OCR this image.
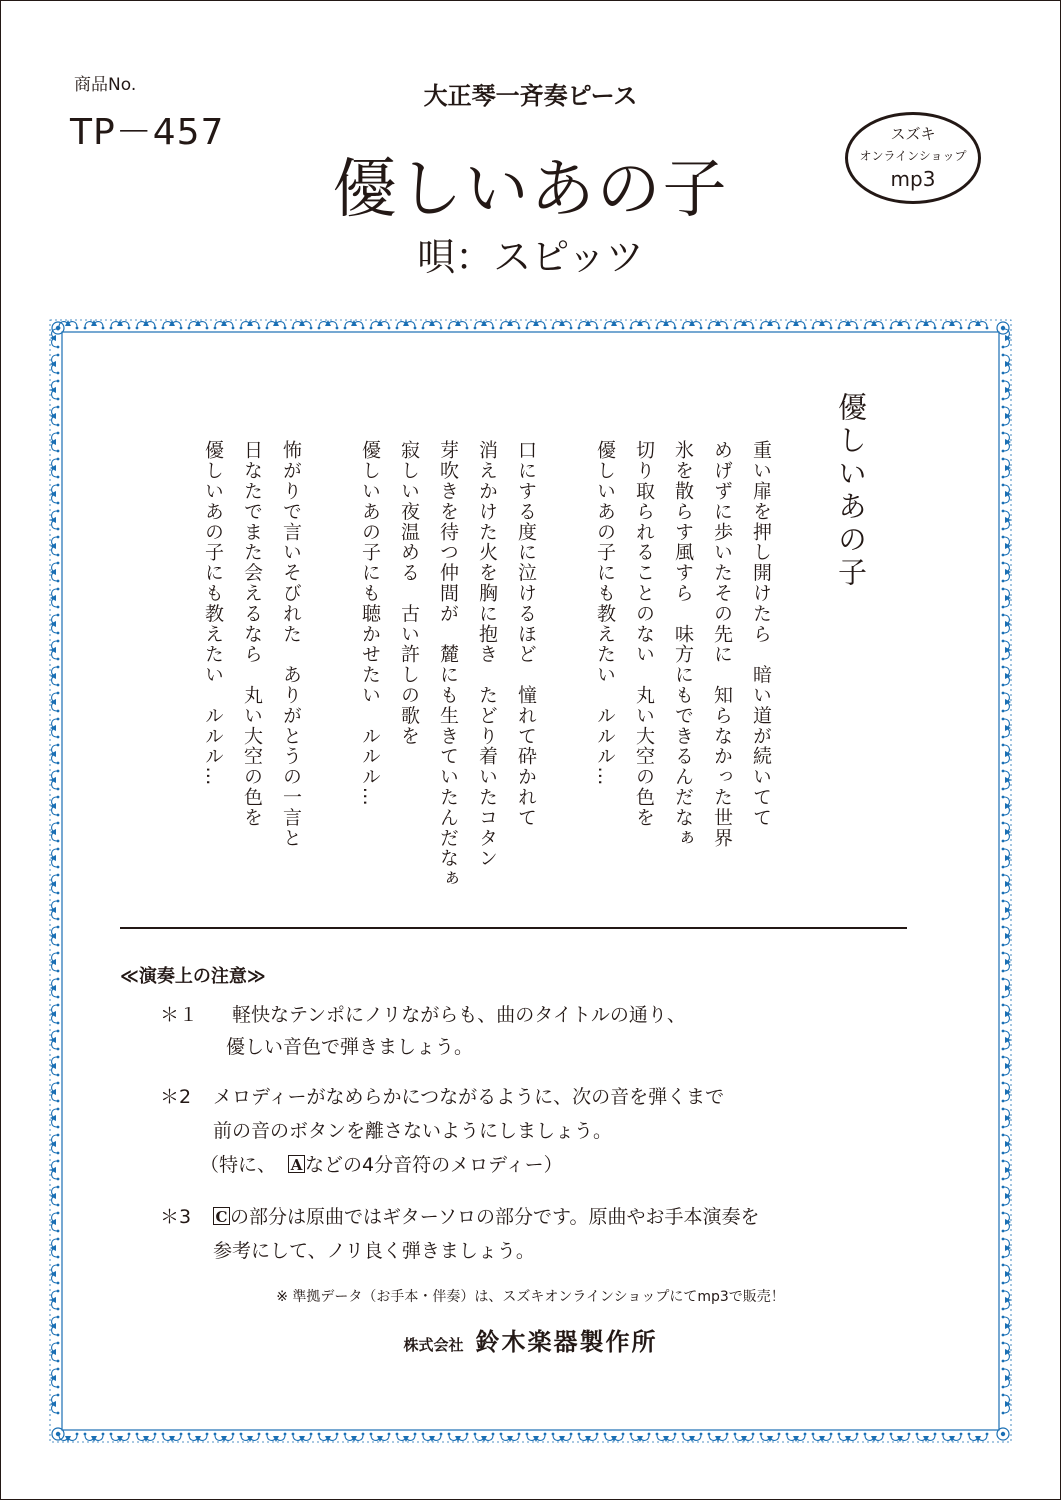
商品No.
TP－457
大正琴一斉奏ピース
優しいあの子
唄：スピッツ
スズキ
オンラインショップ
mp3
優しいあの子
重い扉を押し開けたら　暗い道が続いてて
めげずに歩いたその先に　知らなかった世界
氷を散らす風すら　味方にもできるんだなぁ
切り取られることのない　丸い大空の色を
優しいあの子にも教えたい　ルルル…
口にする度に泣けるほど　憧れて砕かれて
消えかけた火を胸に抱き　たどり着いたコタン
芽吹きを待つ仲間が　麓にも生きていたんだなぁ
寂しい夜温める　古い許しの歌を
優しいあの子にも聴かせたい　ルルル…
怖がりで言いそびれた　ありがとうの一言と
日なたでまた会えるなら　丸い大空の色を
優しいあの子にも教えたい　ルルル…
≪演奏上の注意≫
＊１ 軽快なテンポにノリながらも、曲のタイトルの通り、
優しい音色で弾きましょう。
＊2 メロディーがなめらかにつながるように、次の音を弾くまで
前の音のボタンを離さないようにしましょう。
（特に、 A などの4分音符のメロディー）
＊3 C の部分は原曲ではギターソロの部分です。原曲やお手本演奏を
参考にして、ノリ良く弾きましょう。
※ 準拠データ（お手本・伴奏）は、スズキオンラインショップにてmp3で販売！
株式会社 鈴木楽器製作所
